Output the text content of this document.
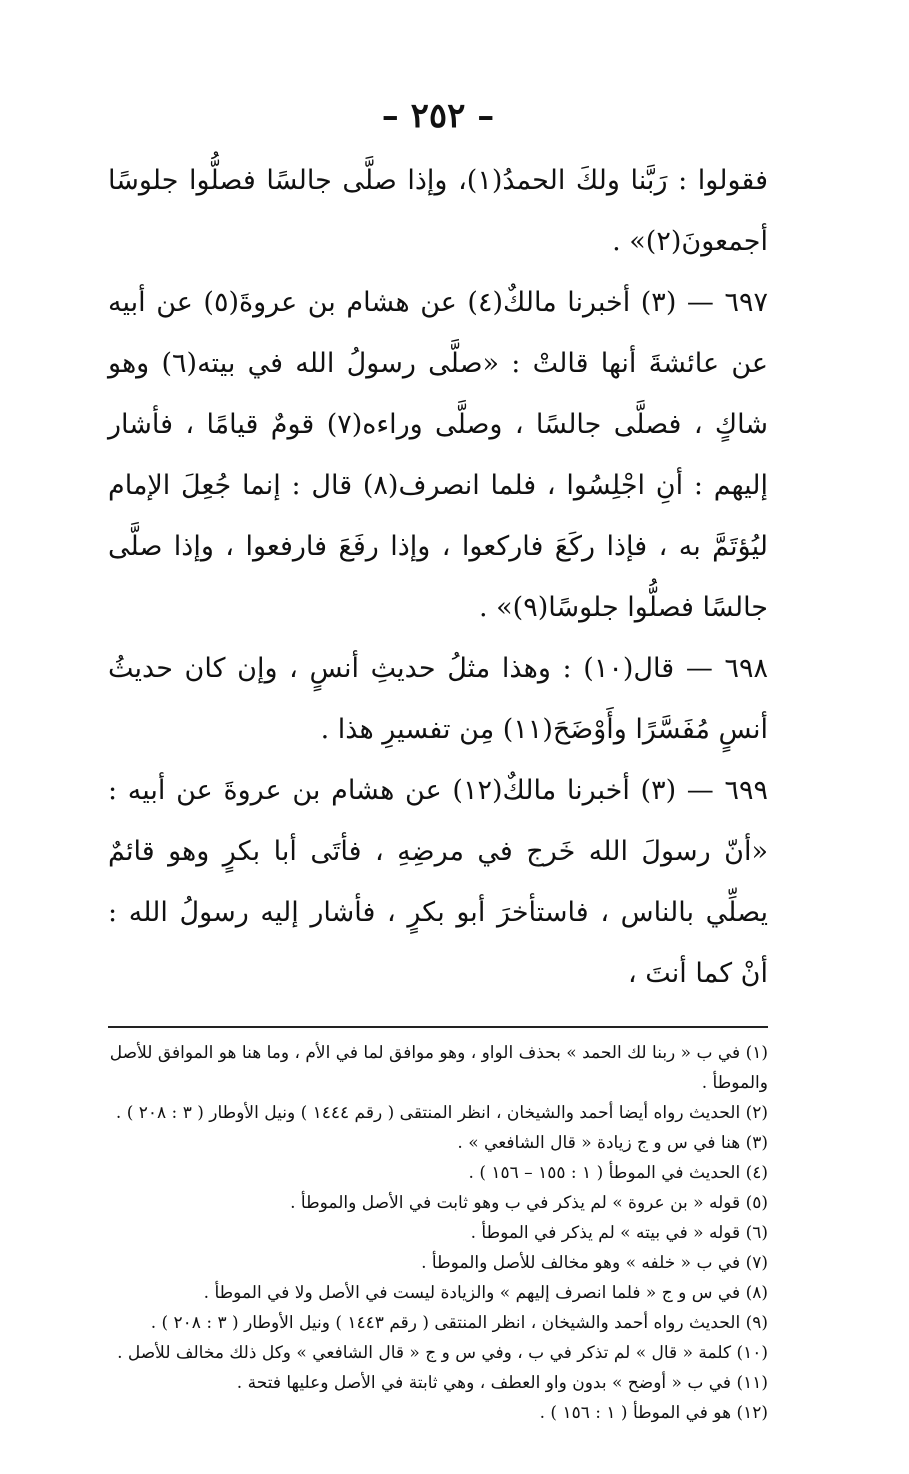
– ٢٥٢ –

فقولوا : رَبَّنا ولكَ الحمدُ(١)، وإذا صلَّى جالسًا فصلُّوا جلوسًا أجمعونَ(٢)» .

٦٩٧ — (٣) أخبرنا مالكٌ(٤) عن هشام بن عروةَ(٥) عن أبيه عن عائشةَ أنها قالتْ : «صلَّى رسولُ الله في بيته(٦) وهو شاكٍ ، فصلَّى جالسًا ، وصلَّى وراءه(٧) قومٌ قيامًا ، فأشار إليهم : أنِ اجْلِسُوا ، فلما انصرف(٨) قال : إنما جُعِلَ الإمام ليُؤتَمَّ به ، فإذا ركَعَ فاركعوا ، وإذا رفَعَ فارفعوا ، وإذا صلَّى جالسًا فصلُّوا جلوسًا(٩)» .

٦٩٨ — قال(١٠) : وهذا مثلُ حديثِ أنسٍ ، وإن كان حديثُ أنسٍ مُفَسَّرًا وأَوْضَحَ(١١) مِن تفسيرِ هذا .

٦٩٩ — (٣) أخبرنا مالكٌ(١٢) عن هشام بن عروةَ عن أبيه : «أنّ رسولَ الله خَرج في مرضِهِ ، فأتَى أبا بكرٍ وهو قائمٌ يصلِّي بالناس ، فاستأخرَ أبو بكرٍ ، فأشار إليه رسولُ الله : أنْ كما أنتَ ،

(١) في ب « ربنا لك الحمد » بحذف الواو ، وهو موافق لما في الأم ، وما هنا هو الموافق للأصل والموطأ .

(٢) الحديث رواه أيضا أحمد والشيخان ، انظر المنتقى ( رقم ١٤٤٤ ) ونيل الأوطار ( ٣ : ٢٠٨ ) .

(٣) هنا في س و ج زيادة « قال الشافعي » .

(٤) الحديث في الموطأ ( ١ : ١٥٥ – ١٥٦ ) .

(٥) قوله « بن عروة » لم يذكر في ب وهو ثابت في الأصل والموطأ .

(٦) قوله « في بيته » لم يذكر في الموطأ .

(٧) في ب « خلفه » وهو مخالف للأصل والموطأ .

(٨) في س و ج « فلما انصرف إليهم » والزيادة ليست في الأصل ولا في الموطأ .

(٩) الحديث رواه أحمد والشيخان ، انظر المنتقى ( رقم ١٤٤٣ ) ونيل الأوطار ( ٣ : ٢٠٨ ) .

(١٠) كلمة « قال » لم تذكر في ب ، وفي س و ج « قال الشافعي » وكل ذلك مخالف للأصل .

(١١) في ب « أوضح » بدون واو العطف ، وهي ثابتة في الأصل وعليها فتحة .

(١٢) هو في الموطأ ( ١ : ١٥٦ ) .
